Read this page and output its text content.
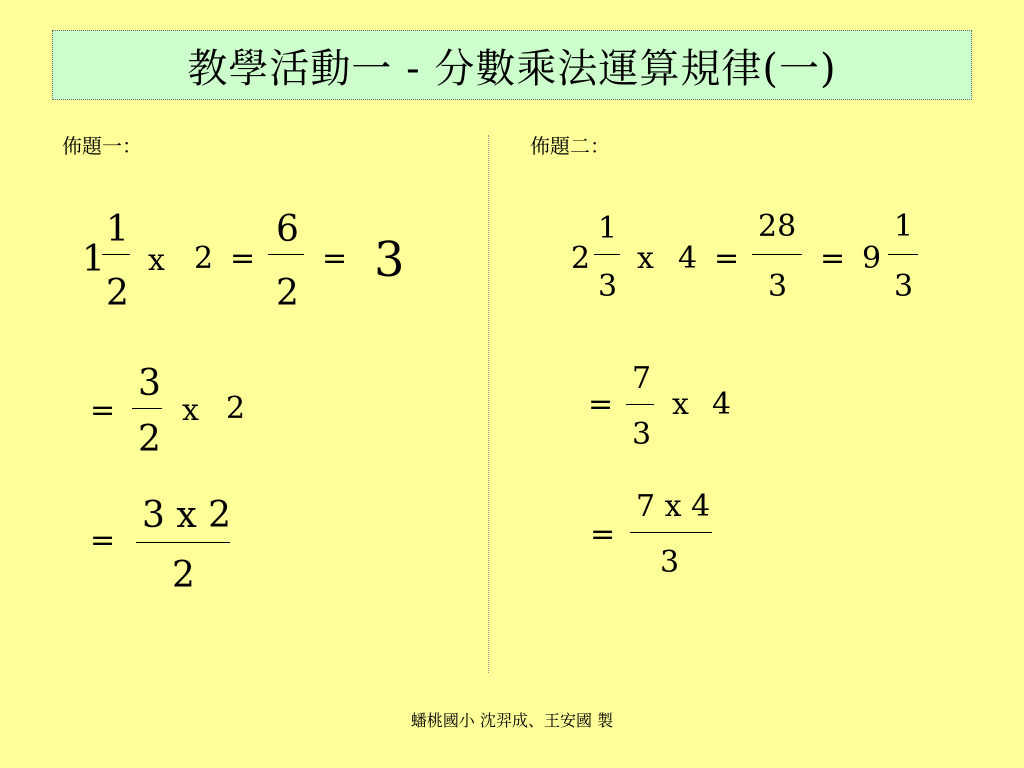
教學活動一 - 分數乘法運算規律(一)
佈題一：
1
1
2
x 2 =
6
2
= 3
=
3
2
x 2
=
3 x 2
2
佈題二：
2
1
3
x 4 =
28
3
= 9
1
3
=
7
3
x 4
=
7 x 4
3
蟠桃國小 沈羿成、王安國 製
